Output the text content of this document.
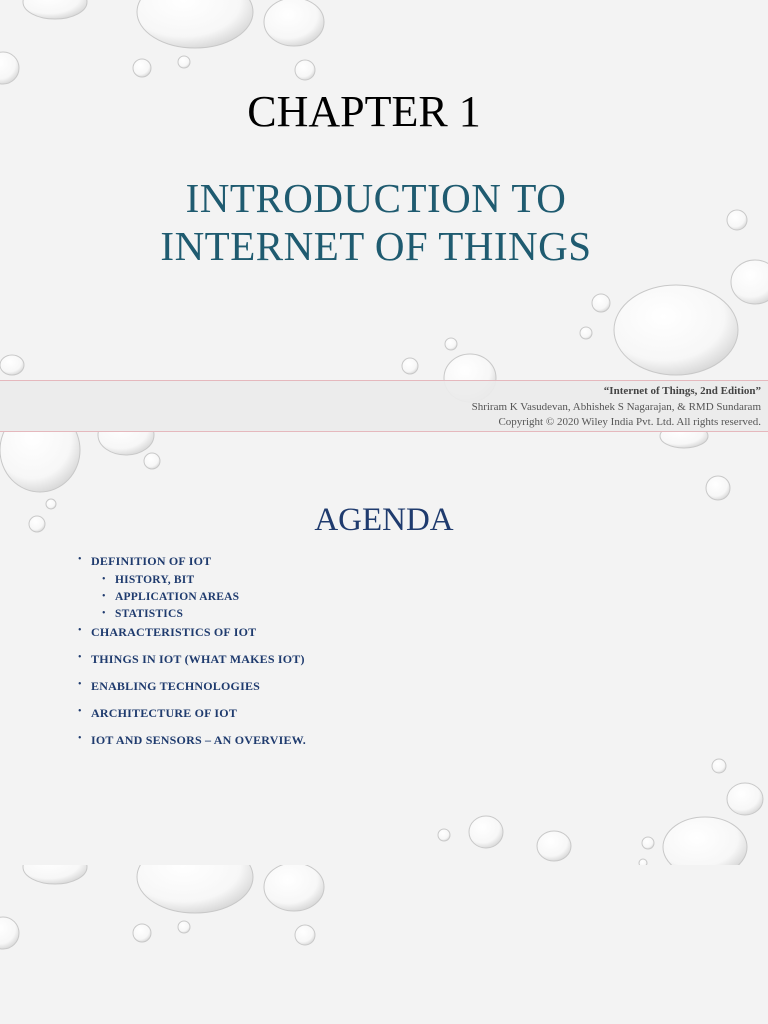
CHAPTER 1
INTRODUCTION TO
INTERNET OF THINGS
“Internet of Things, 2nd Edition”
Shriram K Vasudevan, Abhishek S Nagarajan, & RMD Sundaram
Copyright © 2020 Wiley India Pvt. Ltd. All rights reserved.
AGENDA
• DEFINITION OF IOT
• HISTORY, BIT
• APPLICATION AREAS
• STATISTICS
• CHARACTERISTICS OF IOT
• THINGS IN IOT (WHAT MAKES IOT)
• ENABLING TECHNOLOGIES
• ARCHITECTURE OF IOT
• IOT AND SENSORS – AN OVERVIEW.
